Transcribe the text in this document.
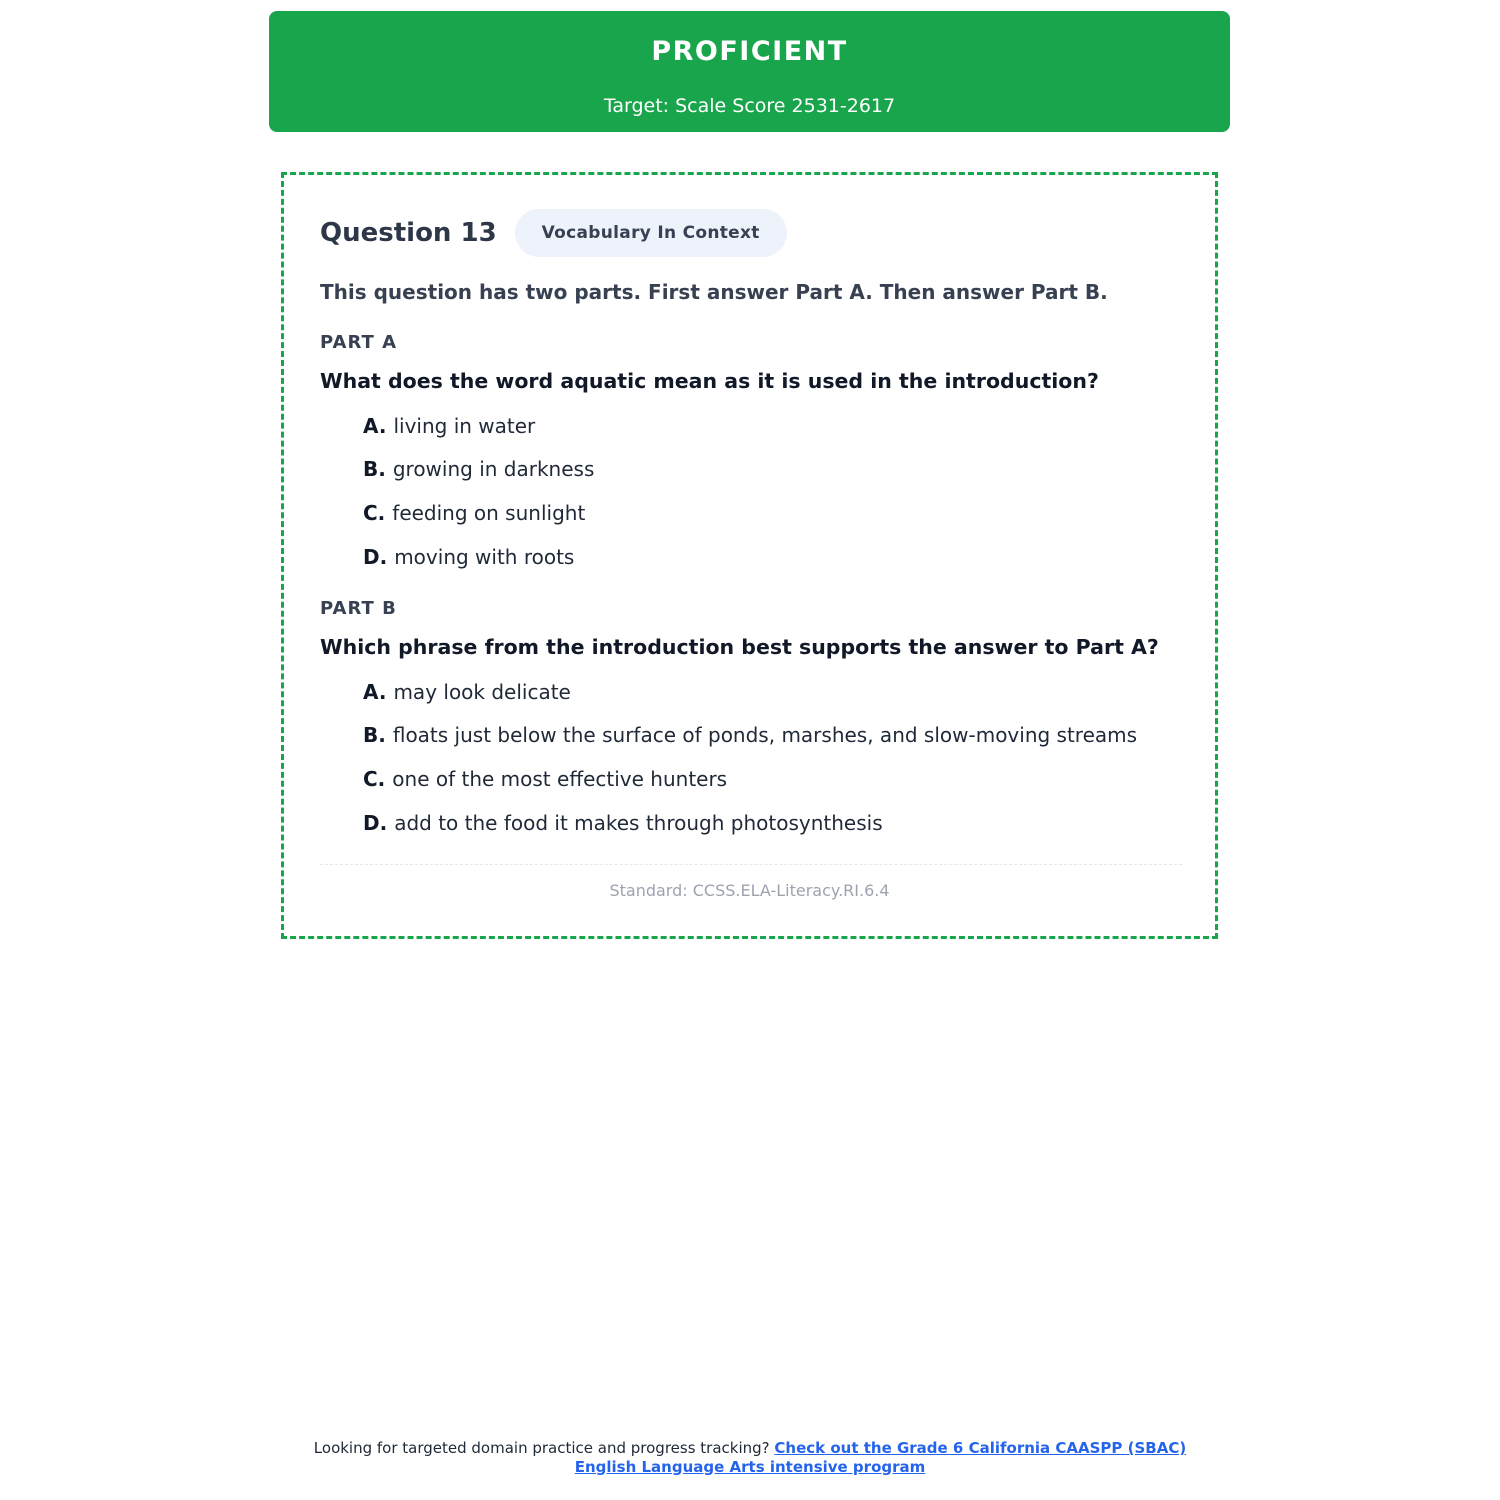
PROFICIENT
Target: Scale Score 2531-2617
Question 13	Vocabulary In Context
This question has two parts. First answer Part A. Then answer Part B.
PART A
What does the word aquatic mean as it is used in the introduction?
A. living in water
B. growing in darkness
C. feeding on sunlight
D. moving with roots
PART B
Which phrase from the introduction best supports the answer to Part A?
A. may look delicate
B. floats just below the surface of ponds, marshes, and slow-moving streams
C. one of the most effective hunters
D. add to the food it makes through photosynthesis
Standard: CCSS.ELA-Literacy.RI.6.4
Looking for targeted domain practice and progress tracking? Check out the Grade 6 California CAASPP (SBAC) English Language Arts intensive program
